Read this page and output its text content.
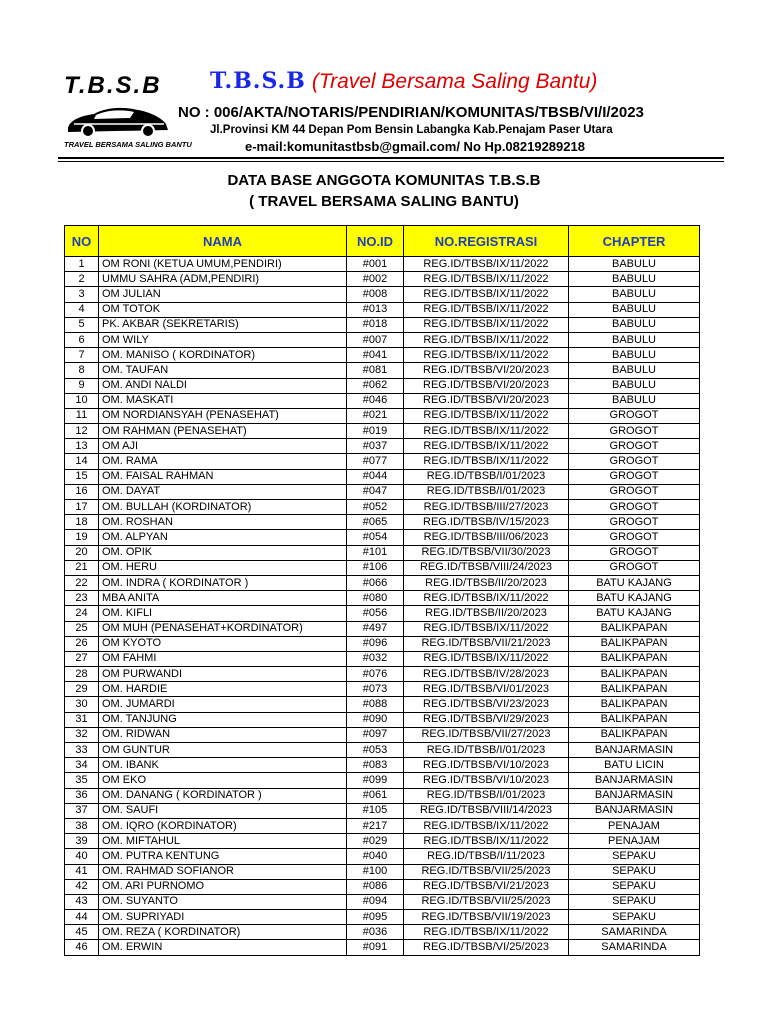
T.B.S.B
TRAVEL BERSAMA SALING BANTU
T.B.S.B (Travel Bersama Saling Bantu)
NO : 006/AKTA/NOTARIS/PENDIRIAN/KOMUNITAS/TBSB/VI/I/2023
Jl.Provinsi KM 44 Depan Pom Bensin Labangka Kab.Penajam Paser Utara
e-mail:komunitastbsb@gmail.com/ No Hp.08219289218
DATA BASE ANGGOTA KOMUNITAS T.B.S.B
( TRAVEL BERSAMA SALING BANTU)
NO	NAMA	NO.ID	NO.REGISTRASI	CHAPTER
1	OM RONI (KETUA UMUM,PENDIRI)	#001	REG.ID/TBSB/IX/11/2022	BABULU
2	UMMU SAHRA (ADM,PENDIRI)	#002	REG.ID/TBSB/IX/11/2022	BABULU
3	OM JULIAN	#008	REG.ID/TBSB/IX/11/2022	BABULU
4	OM TOTOK	#013	REG.ID/TBSB/IX/11/2022	BABULU
5	PK. AKBAR (SEKRETARIS)	#018	REG.ID/TBSB/IX/11/2022	BABULU
6	OM WILY	#007	REG.ID/TBSB/IX/11/2022	BABULU
7	OM. MANISO ( KORDINATOR)	#041	REG.ID/TBSB/IX/11/2022	BABULU
8	OM. TAUFAN	#081	REG.ID/TBSB/VI/20/2023	BABULU
9	OM. ANDI NALDI	#062	REG.ID/TBSB/VI/20/2023	BABULU
10	OM. MASKATI	#046	REG.ID/TBSB/VI/20/2023	BABULU
11	OM NORDIANSYAH (PENASEHAT)	#021	REG.ID/TBSB/IX/11/2022	GROGOT
12	OM RAHMAN (PENASEHAT)	#019	REG.ID/TBSB/IX/11/2022	GROGOT
13	OM AJI	#037	REG.ID/TBSB/IX/11/2022	GROGOT
14	OM. RAMA	#077	REG.ID/TBSB/IX/11/2022	GROGOT
15	OM. FAISAL RAHMAN	#044	REG.ID/TBSB/I/01/2023	GROGOT
16	OM. DAYAT	#047	REG.ID/TBSB/I/01/2023	GROGOT
17	OM. BULLAH (KORDINATOR)	#052	REG.ID/TBSB/III/27/2023	GROGOT
18	OM. ROSHAN	#065	REG.ID/TBSB/IV/15/2023	GROGOT
19	OM. ALPYAN	#054	REG.ID/TBSB/III/06/2023	GROGOT
20	OM. OPIK	#101	REG.ID/TBSB/VII/30/2023	GROGOT
21	OM. HERU	#106	REG.ID/TBSB/VIII/24/2023	GROGOT
22	OM. INDRA ( KORDINATOR )	#066	REG.ID/TBSB/II/20/2023	BATU KAJANG
23	MBA ANITA	#080	REG.ID/TBSB/IX/11/2022	BATU KAJANG
24	OM. KIFLI	#056	REG.ID/TBSB/II/20/2023	BATU KAJANG
25	OM MUH (PENASEHAT+KORDINATOR)	#497	REG.ID/TBSB/IX/11/2022	BALIKPAPAN
26	OM KYOTO	#096	REG.ID/TBSB/VII/21/2023	BALIKPAPAN
27	OM FAHMI	#032	REG.ID/TBSB/IX/11/2022	BALIKPAPAN
28	OM PURWANDI	#076	REG.ID/TBSB/IV/28/2023	BALIKPAPAN
29	OM. HARDIE	#073	REG.ID/TBSB/VI/01/2023	BALIKPAPAN
30	OM. JUMARDI	#088	REG.ID/TBSB/VI/23/2023	BALIKPAPAN
31	OM. TANJUNG	#090	REG.ID/TBSB/VI/29/2023	BALIKPAPAN
32	OM. RIDWAN	#097	REG.ID/TBSB/VII/27/2023	BALIKPAPAN
33	OM GUNTUR	#053	REG.ID/TBSB/I/01/2023	BANJARMASIN
34	OM. IBANK	#083	REG.ID/TBSB/VI/10/2023	BATU LICIN
35	OM EKO	#099	REG.ID/TBSB/VI/10/2023	BANJARMASIN
36	OM. DANANG ( KORDINATOR )	#061	REG.ID/TBSB/I/01/2023	BANJARMASIN
37	OM. SAUFI	#105	REG.ID/TBSB/VIII/14/2023	BANJARMASIN
38	OM. IQRO (KORDINATOR)	#217	REG.ID/TBSB/IX/11/2022	PENAJAM
39	OM. MIFTAHUL	#029	REG.ID/TBSB/IX/11/2022	PENAJAM
40	OM. PUTRA KENTUNG	#040	REG.ID/TBSB/I/11/2023	SEPAKU
41	OM. RAHMAD SOFIANOR	#100	REG.ID/TBSB/VII/25/2023	SEPAKU
42	OM. ARI PURNOMO	#086	REG.ID/TBSB/VI/21/2023	SEPAKU
43	OM. SUYANTO	#094	REG.ID/TBSB/VII/25/2023	SEPAKU
44	OM. SUPRIYADI	#095	REG.ID/TBSB/VII/19/2023	SEPAKU
45	OM. REZA ( KORDINATOR)	#036	REG.ID/TBSB/IX/11/2022	SAMARINDA
46	OM. ERWIN	#091	REG.ID/TBSB/VI/25/2023	SAMARINDA
